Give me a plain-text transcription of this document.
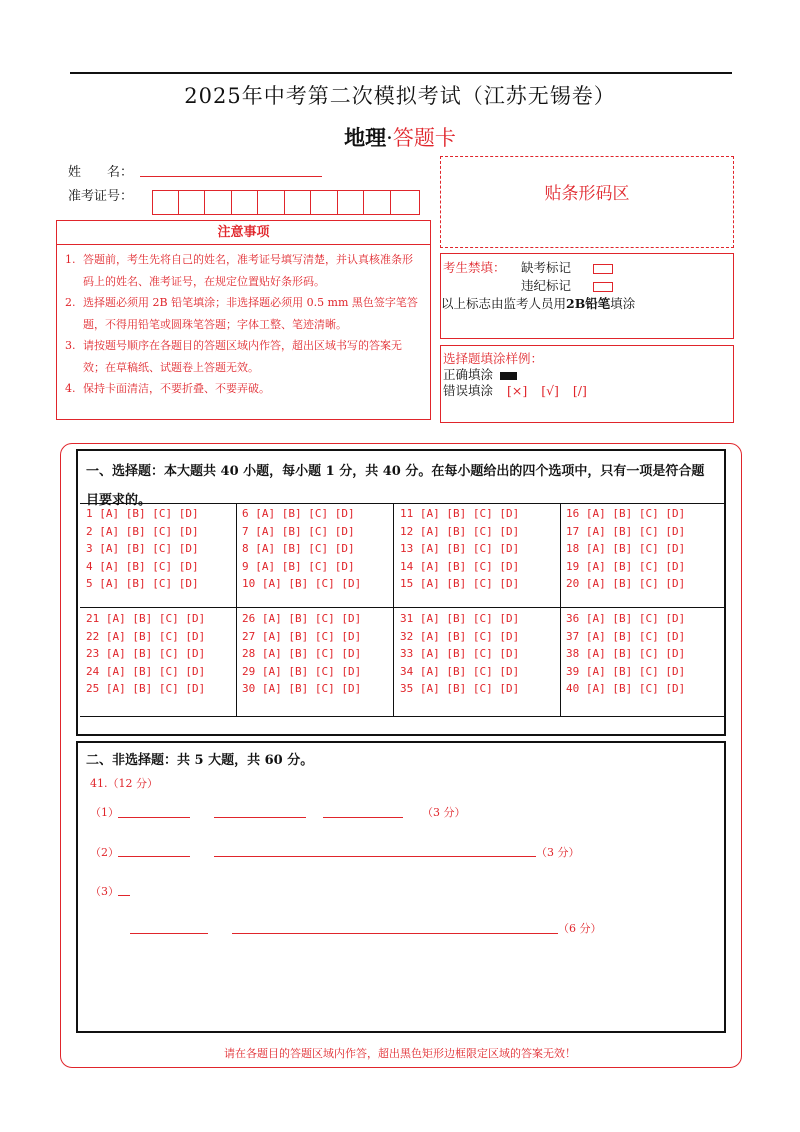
2025年中考第二次模拟考试（江苏无锡卷）
地理·答题卡
姓　　名：
准考证号：	贴条形码区
注意事项
1. 答题前，考生先将自己的姓名，准考证号填写清楚，并认真核准条形码上的姓名、准考证号，在规定位置贴好条形码。
2. 选择题必须用 2B 铅笔填涂；非选择题必须用 0.5 mm 黑色签字笔答题，不得用铅笔或圆珠笔答题；字体工整、笔迹清晰。
3. 请按题号顺序在各题目的答题区域内作答，超出区域书写的答案无效；在草稿纸、试题卷上答题无效。
4. 保持卡面清洁，不要折叠、不要弄破。
考生禁填： 缺考标记
违纪标记
以上标志由监考人员用2B铅笔填涂
选择题填涂样例：
正确填涂
错误填涂 [×] [√] [/]
一、选择题：本大题共 40 小题，每小题 1 分，共 40 分。在每小题给出的四个选项中，只有一项是符合题目要求的。
1 [A] [B] [C] [D]
2 [A] [B] [C] [D]
3 [A] [B] [C] [D]
4 [A] [B] [C] [D]
5 [A] [B] [C] [D]
6 [A] [B] [C] [D]
7 [A] [B] [C] [D]
8 [A] [B] [C] [D]
9 [A] [B] [C] [D]
10 [A] [B] [C] [D]
11 [A] [B] [C] [D]
12 [A] [B] [C] [D]
13 [A] [B] [C] [D]
14 [A] [B] [C] [D]
15 [A] [B] [C] [D]
16 [A] [B] [C] [D]
17 [A] [B] [C] [D]
18 [A] [B] [C] [D]
19 [A] [B] [C] [D]
20 [A] [B] [C] [D]
21 [A] [B] [C] [D]
22 [A] [B] [C] [D]
23 [A] [B] [C] [D]
24 [A] [B] [C] [D]
25 [A] [B] [C] [D]
26 [A] [B] [C] [D]
27 [A] [B] [C] [D]
28 [A] [B] [C] [D]
29 [A] [B] [C] [D]
30 [A] [B] [C] [D]
31 [A] [B] [C] [D]
32 [A] [B] [C] [D]
33 [A] [B] [C] [D]
34 [A] [B] [C] [D]
35 [A] [B] [C] [D]
36 [A] [B] [C] [D]
37 [A] [B] [C] [D]
38 [A] [B] [C] [D]
39 [A] [B] [C] [D]
40 [A] [B] [C] [D]
二、非选择题：共 5 大题，共 60 分。
41.（12 分）
（1）	（3 分）
（2）	（3 分）
（3）
（6 分）
请在各题目的答题区域内作答，超出黑色矩形边框限定区域的答案无效！
